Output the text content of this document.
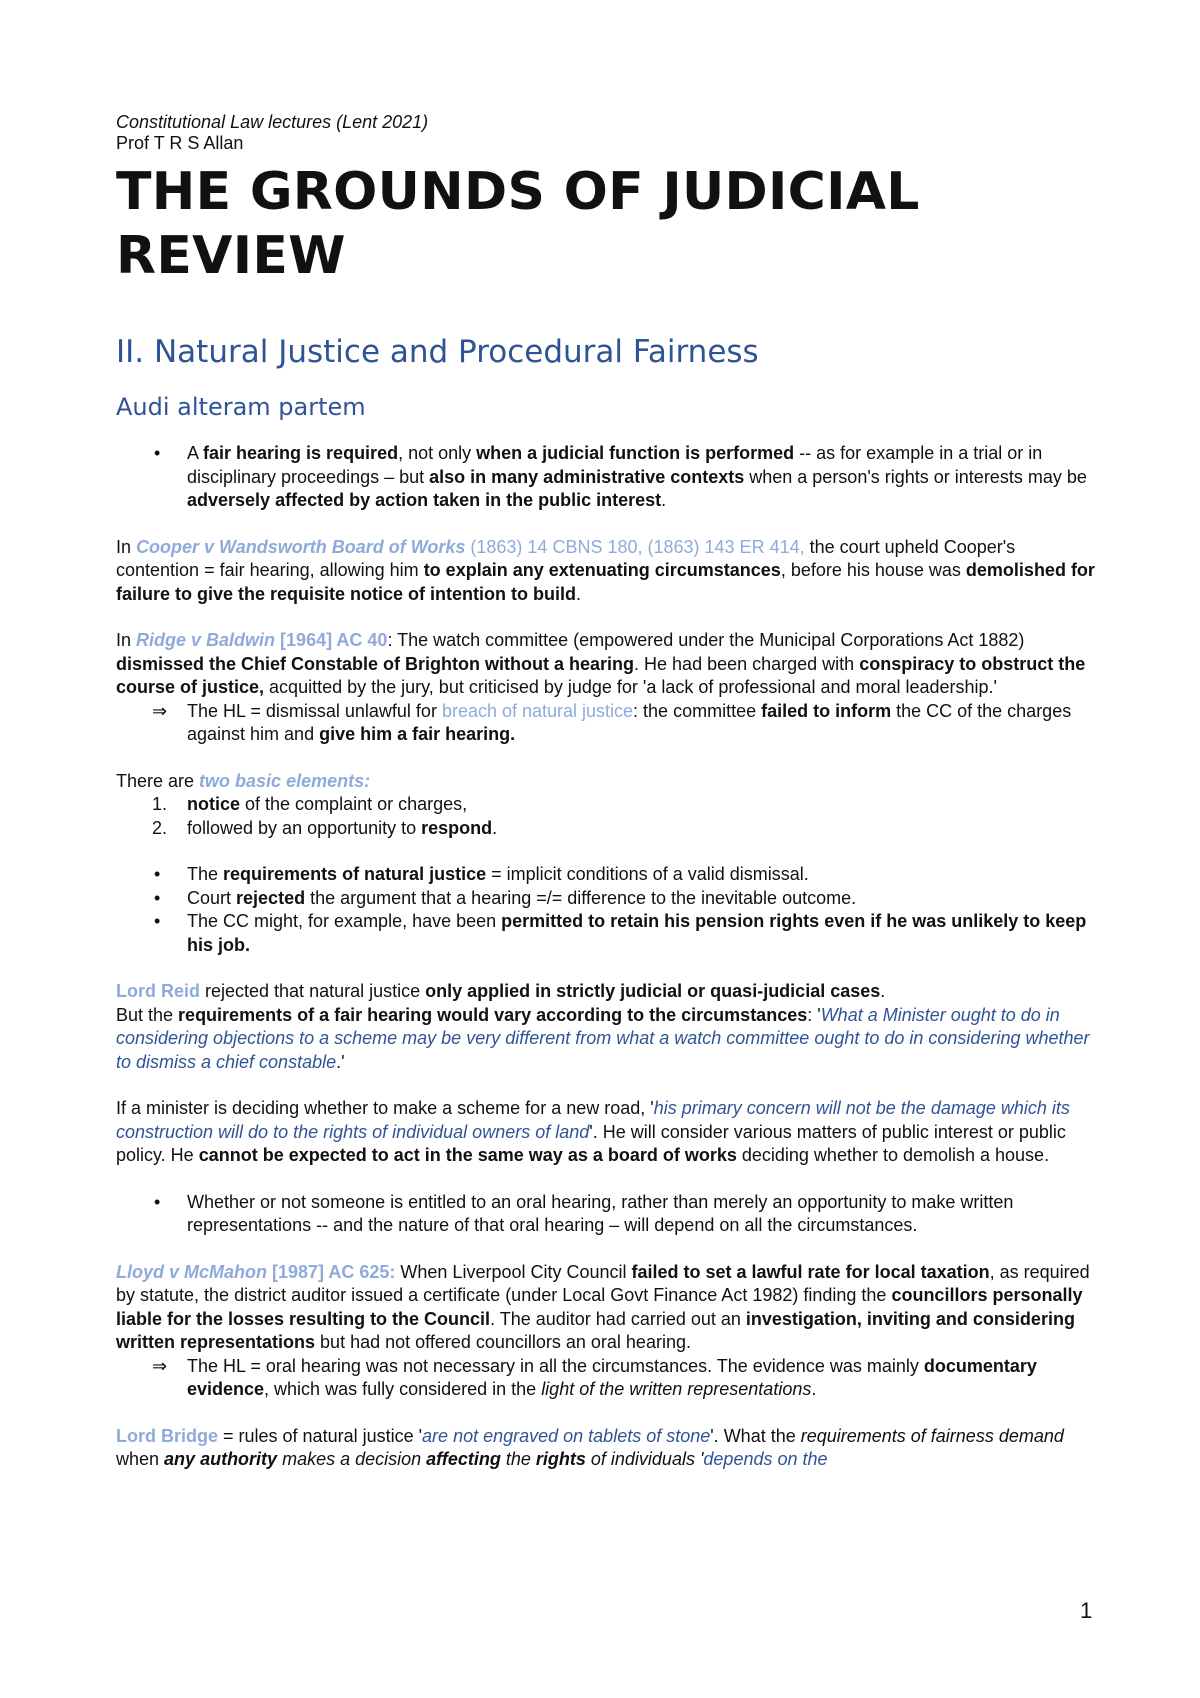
Constitutional Law lectures (Lent 2021)
Prof T R S Allan
THE GROUNDS OF JUDICIAL REVIEW
II. Natural Justice and Procedural Fairness
Audi alteram partem
• A fair hearing is required, not only when a judicial function is performed -- as for example in a trial or in disciplinary proceedings – but also in many administrative contexts when a person's rights or interests may be adversely affected by action taken in the public interest.

In Cooper v Wandsworth Board of Works (1863) 14 CBNS 180, (1863) 143 ER 414, the court upheld Cooper's contention = fair hearing, allowing him to explain any extenuating circumstances, before his house was demolished for failure to give the requisite notice of intention to build.

In Ridge v Baldwin [1964] AC 40: The watch committee (empowered under the Municipal Corporations Act 1882) dismissed the Chief Constable of Brighton without a hearing. He had been charged with conspiracy to obstruct the course of justice, acquitted by the jury, but criticised by judge for 'a lack of professional and moral leadership.'

⇒ The HL = dismissal unlawful for breach of natural justice: the committee failed to inform the CC of the charges against him and give him a fair hearing.

There are two basic elements:

1. notice of the complaint or charges,
2. followed by an opportunity to respond.
• The requirements of natural justice = implicit conditions of a valid dismissal.
• Court rejected the argument that a hearing =/= difference to the inevitable outcome.
• The CC might, for example, have been permitted to retain his pension rights even if he was unlikely to keep his job.

Lord Reid rejected that natural justice only applied in strictly judicial or quasi-judicial cases.
But the requirements of a fair hearing would vary according to the circumstances: 'What a Minister ought to do in considering objections to a scheme may be very different from what a watch committee ought to do in considering whether to dismiss a chief constable.'

If a minister is deciding whether to make a scheme for a new road, 'his primary concern will not be the damage which its construction will do to the rights of individual owners of land'. He will consider various matters of public interest or public policy. He cannot be expected to act in the same way as a board of works deciding whether to demolish a house.

• Whether or not someone is entitled to an oral hearing, rather than merely an opportunity to make written representations -- and the nature of that oral hearing – will depend on all the circumstances.

Lloyd v McMahon [1987] AC 625: When Liverpool City Council failed to set a lawful rate for local taxation, as required by statute, the district auditor issued a certificate (under Local Govt Finance Act 1982) finding the councillors personally liable for the losses resulting to the Council. The auditor had carried out an investigation, inviting and considering written representations but had not offered councillors an oral hearing.

⇒ The HL = oral hearing was not necessary in all the circumstances. The evidence was mainly documentary evidence, which was fully considered in the light of the written representations.

Lord Bridge = rules of natural justice 'are not engraved on tablets of stone'. What the requirements of fairness demand when any authority makes a decision affecting the rights of individuals 'depends on the

1
